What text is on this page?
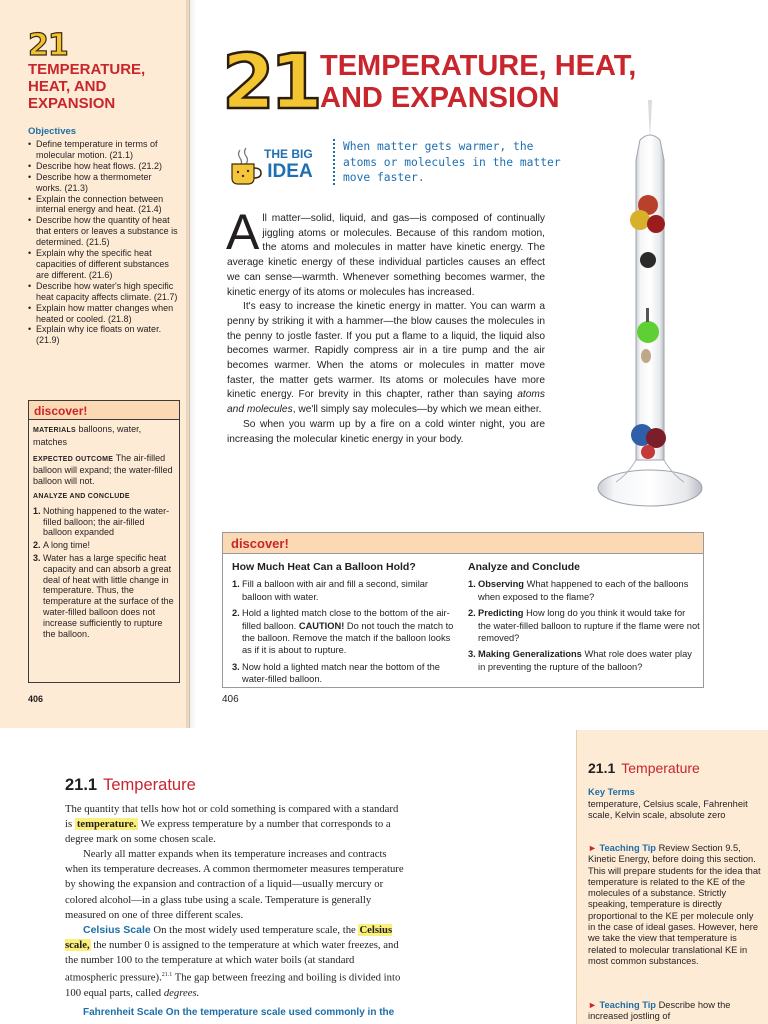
21
TEMPERATURE, HEAT, AND EXPANSION
Objectives
• Define temperature in terms of molecular motion. (21.1)
• Describe how heat flows. (21.2)
• Describe how a thermometer works. (21.3)
• Explain the connection between internal energy and heat. (21.4)
• Describe how the quantity of heat that enters or leaves a substance is determined. (21.5)
• Explain why the specific heat capacities of different substances are different. (21.6)
• Describe how water's high specific heat capacity affects climate. (21.7)
• Explain how matter changes when heated or cooled. (21.8)
• Explain why ice floats on water. (21.9)
discover!

MATERIALS balloons, water, matches

EXPECTED OUTCOME The air-filled balloon will expand; the water-filled balloon will not.

ANALYZE AND CONCLUDE
1. Nothing happened to the water-filled balloon; the air-filled balloon expanded
2. A long time!
3. Water has a large specific heat capacity and can absorb a great deal of heat with little change in temperature. Thus, the temperature at the surface of the water-filled balloon does not increase sufficiently to rupture the balloon.
406
21 TEMPERATURE, HEAT, AND EXPANSION
THE BIG
IDEA
When matter gets warmer, the atoms or molecules in the matter move faster.

All matter—solid, liquid, and gas—is composed of continually jiggling atoms or molecules. Because of this random motion, the atoms and molecules in matter have kinetic energy. The average kinetic energy of these individual particles causes an effect we can sense—warmth. Whenever something becomes warmer, the kinetic energy of its atoms or molecules has increased.

It's easy to increase the kinetic energy in matter. You can warm a penny by striking it with a hammer—the blow causes the molecules in the penny to jostle faster. If you put a flame to a liquid, the liquid also becomes warmer. Rapidly compress air in a tire pump and the air becomes warmer. When the atoms or molecules in matter move faster, the matter gets warmer. Its atoms or molecules have more kinetic energy. For brevity in this chapter, rather than saying atoms and molecules, we'll simply say molecules—by which we mean either.

So when you warm up by a fire on a cold winter night, you are increasing the molecular kinetic energy in your body.

discover!
How Much Heat Can a Balloon Hold?
1. Fill a balloon with air and fill a second, similar balloon with water.
2. Hold a lighted match close to the bottom of the air-filled balloon. CAUTION! Do not touch the match to the balloon. Remove the match if the balloon looks as if it is about to rupture.
3. Now hold a lighted match near the bottom of the water-filled balloon.
Analyze and Conclude
1. Observing What happened to each of the balloons when exposed to the flame?
2. Predicting How long do you think it would take for the water-filled balloon to rupture if the flame were not removed?
3. Making Generalizations What role does water play in preventing the rupture of the balloon?
406
21.1 Temperature

The quantity that tells how hot or cold something is compared with a standard is temperature. We express temperature by a number that corresponds to a degree mark on some chosen scale.

Nearly all matter expands when its temperature increases and contracts when its temperature decreases. A common thermometer measures temperature by showing the expansion and contraction of a liquid—usually mercury or colored alcohol—in a glass tube using a scale. Temperature is generally measured on one of three different scales.

Celsius Scale On the most widely used temperature scale, the Celsius scale, the number 0 is assigned to the temperature at which water freezes, and the number 100 to the temperature at which water boils (at standard atmospheric pressure).$^{21.1}$ The gap between freezing and boiling is divided into 100 equal parts, called degrees.

Fahrenheit Scale On the temperature scale used commonly in the

21.1 Temperature
Key Terms
temperature, Celsius scale, Fahrenheit scale, Kelvin scale, absolute zero
► Teaching Tip Review Section 9.5, Kinetic Energy, before doing this section. This will prepare students for the idea that temperature is related to the KE of the molecules of a substance. Strictly speaking, temperature is directly proportional to the KE per molecule only in the case of ideal gases. However, here we take the view that temperature is related to molecular translational KE in most common substances.
► Teaching Tip Describe how the increased jostling of
